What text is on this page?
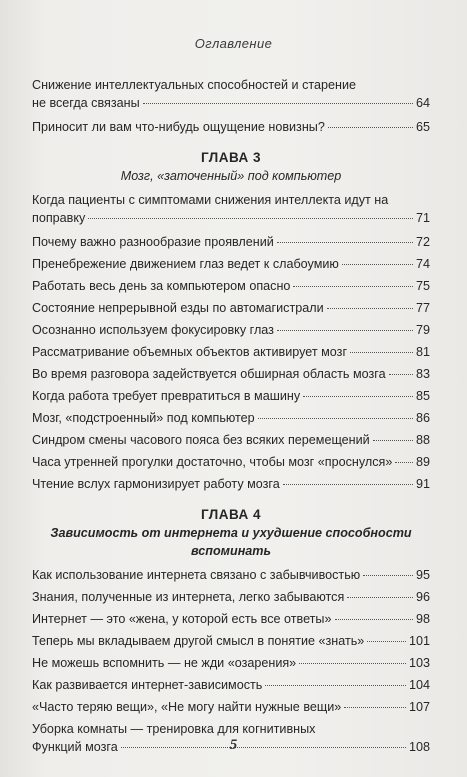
Оглавление
Снижение интеллектуальных способностей и старение
не всегда связаны	64
Приносит ли вам что-нибудь ощущение новизны?	65
ГЛАВА 3
Мозг, «заточенный» под компьютер
Когда пациенты с симптомами снижения интеллекта идут на
поправку	71
Почему важно разнообразие проявлений	72
Пренебрежение движением глаз ведет к слабоумию	74
Работать весь день за компьютером опасно	75
Состояние непрерывной езды по автомагистрали	77
Осознанно используем фокусировку глаз	79
Рассматривание объемных объектов активирует мозг	81
Во время разговора задействуется обширная область мозга 83
Когда работа требует превратиться в машину	85
Мозг, «подстроенный» под компьютер	86
Синдром смены часового пояса без всяких перемещений	88
Часа утренней прогулки достаточно, чтобы мозг «проснулся» 89
Чтение вслух гармонизирует работу мозга	91
ГЛАВА 4
Зависимость от интернета и ухудшение способности вспоминать
Как использование интернета связано с забывчивостью	95
Знания, полученные из интернета, легко забываются	96
Интернет — это «жена, у которой есть все ответы»	98
Теперь мы вкладываем другой смысл в понятие «знать»	101
Не можешь вспомнить — не жди «озарения»	103
Как развивается интернет-зависимость	104
«Часто теряю вещи», «Не могу найти нужные вещи»	107
Уборка комнаты — тренировка для когнитивных
Функций мозга	108
5
